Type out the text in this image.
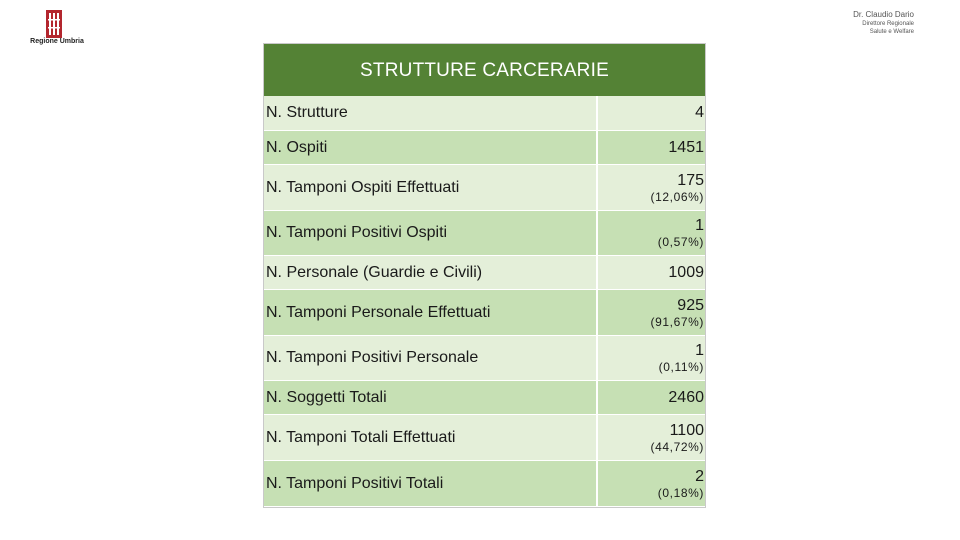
Regione Umbria
Dr. Claudio Dario
Direttore Regionale
Salute e Welfare
STRUTTURE CARCERARIE
N. Strutture	4
N. Ospiti	1451
N. Tamponi Ospiti Effettuati	175
(12,06%)
N. Tamponi Positivi Ospiti	1
(0,57%)
N. Personale (Guardie e Civili)	1009
N. Tamponi Personale Effettuati	925
(91,67%)
N. Tamponi Positivi Personale	1
(0,11%)
N. Soggetti Totali	2460
N. Tamponi Totali Effettuati	1100
(44,72%)
N. Tamponi Positivi Totali	2
(0,18%)
